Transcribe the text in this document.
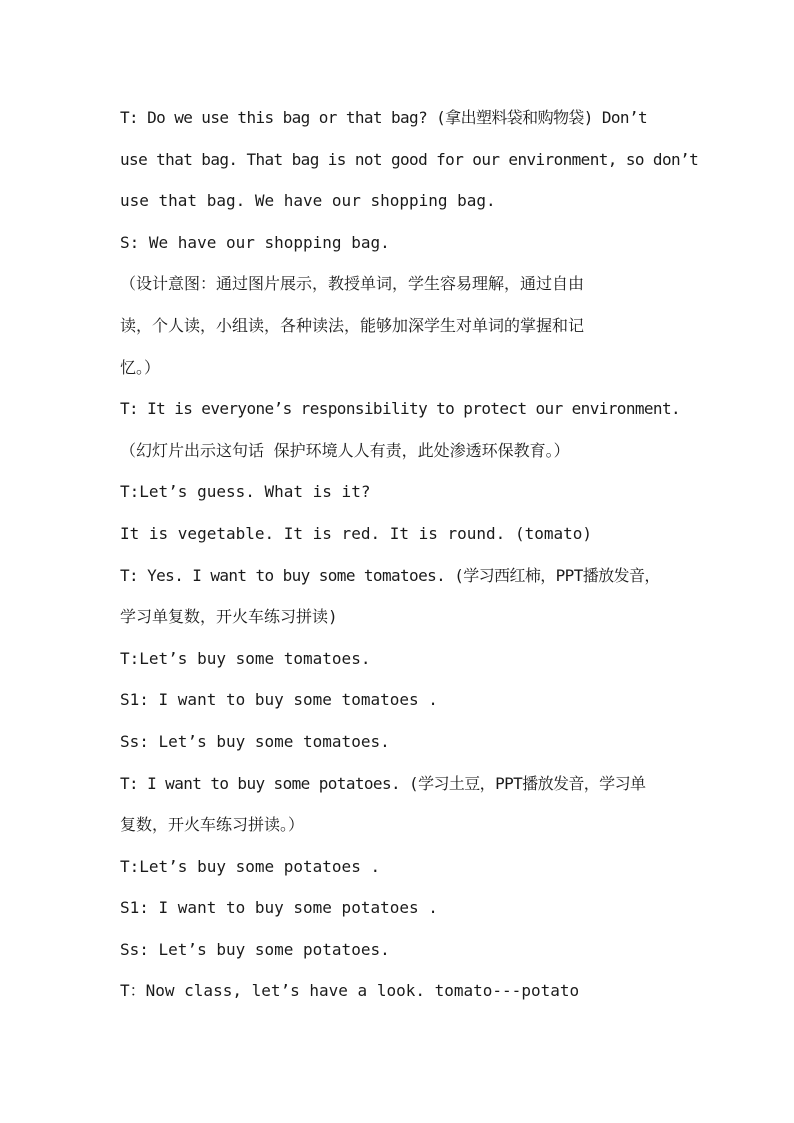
T: Do we use this bag or that bag? (拿出塑料袋和购物袋) Don’t
use that bag. That bag is not good for our environment, so don’t
use that bag. We have our shopping bag.
S: We have our shopping bag.
（设计意图：通过图片展示，教授单词，学生容易理解，通过自由
读，个人读，小组读，各种读法，能够加深学生对单词的掌握和记
忆。）
T: It is everyone’s responsibility to protect our environment.
（幻灯片出示这句话 保护环境人人有责，此处渗透环保教育。）
T:Let’s guess. What is it?
It is vegetable. It is red. It is round. (tomato)
T: Yes. I want to buy some tomatoes. (学习西红柿，PPT播放发音，
学习单复数，开火车练习拼读)
T:Let’s buy some tomatoes.
S1: I want to buy some tomatoes .
Ss: Let’s buy some tomatoes.
T: I want to buy some potatoes. (学习土豆，PPT播放发音，学习单
复数，开火车练习拼读。）
T:Let’s buy some potatoes .
S1: I want to buy some potatoes .
Ss: Let’s buy some potatoes.
T：Now class, let’s have a look. tomato---potato
